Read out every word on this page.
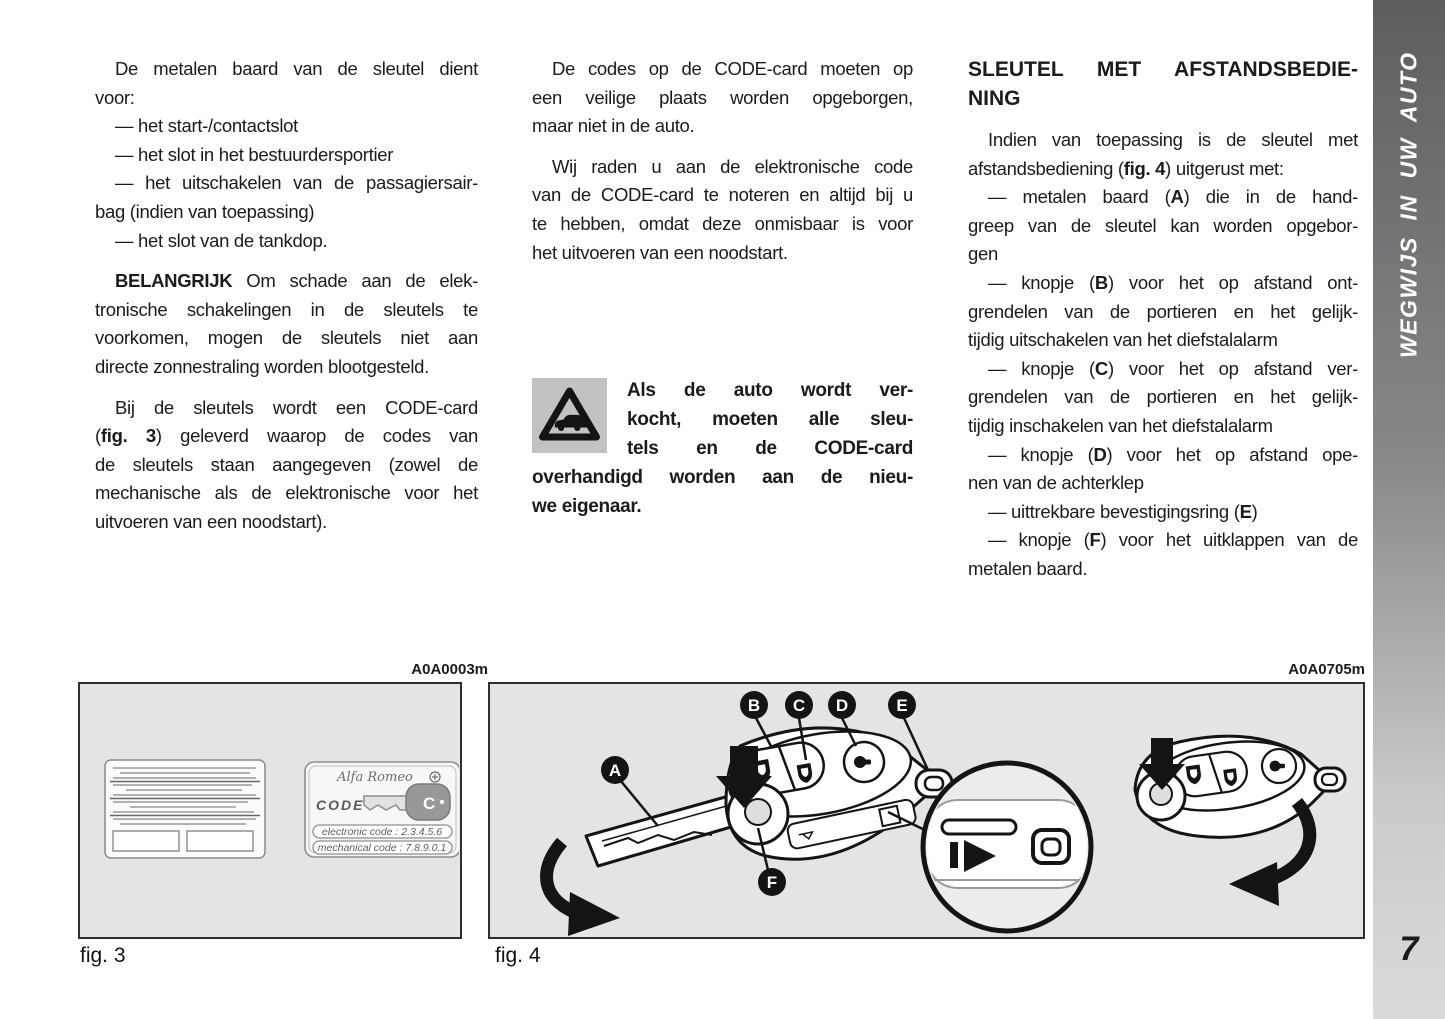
De metalen baard van de sleutel dient
voor:
— het start-/contactslot
— het slot in het bestuurdersportier
— het uitschakelen van de passagiersair-
bag (indien van toepassing)
— het slot van de tankdop.
BELANGRIJK Om schade aan de elek-
tronische schakelingen in de sleutels te
voorkomen, mogen de sleutels niet aan
directe zonnestraling worden blootgesteld.
Bij de sleutels wordt een CODE-card
(fig. 3) geleverd waarop de codes van
de sleutels staan aangegeven (zowel de
mechanische als de elektronische voor het
uitvoeren van een noodstart).
De codes op de CODE-card moeten op
een veilige plaats worden opgeborgen,
maar niet in de auto.
Wij raden u aan de elektronische code
van de CODE-card te noteren en altijd bij u
te hebben, omdat deze onmisbaar is voor
het uitvoeren van een noodstart.
Als de auto wordt ver-
kocht, moeten alle sleu-
tels en de CODE-card
overhandigd worden aan de nieu-
we eigenaar.
SLEUTEL MET AFSTANDSBEDIE-
NING
Indien van toepassing is de sleutel met
afstandsbediening (fig. 4) uitgerust met:
— metalen baard (A) die in de hand-
greep van de sleutel kan worden opgebor-
gen
— knopje (B) voor het op afstand ont-
grendelen van de portieren en het gelijk-
tijdig uitschakelen van het diefstalalarm
— knopje (C) voor het op afstand ver-
grendelen van de portieren en het gelijk-
tijdig inschakelen van het diefstalalarm
— knopje (D) voor het op afstand ope-
nen van de achterklep
— uittrekbare bevestigingsring (E)
— knopje (F) voor het uitklappen van de
metalen baard.
A0A0003m
Alfa Romeo
CODE	C
electronic code : 2.3.4.5.6
mechanical code : 7.8.9.0.1
fig. 3
A0A0705m
A
B C D	E
F
fig. 4
WEGWIJS IN UW AUTO
7
